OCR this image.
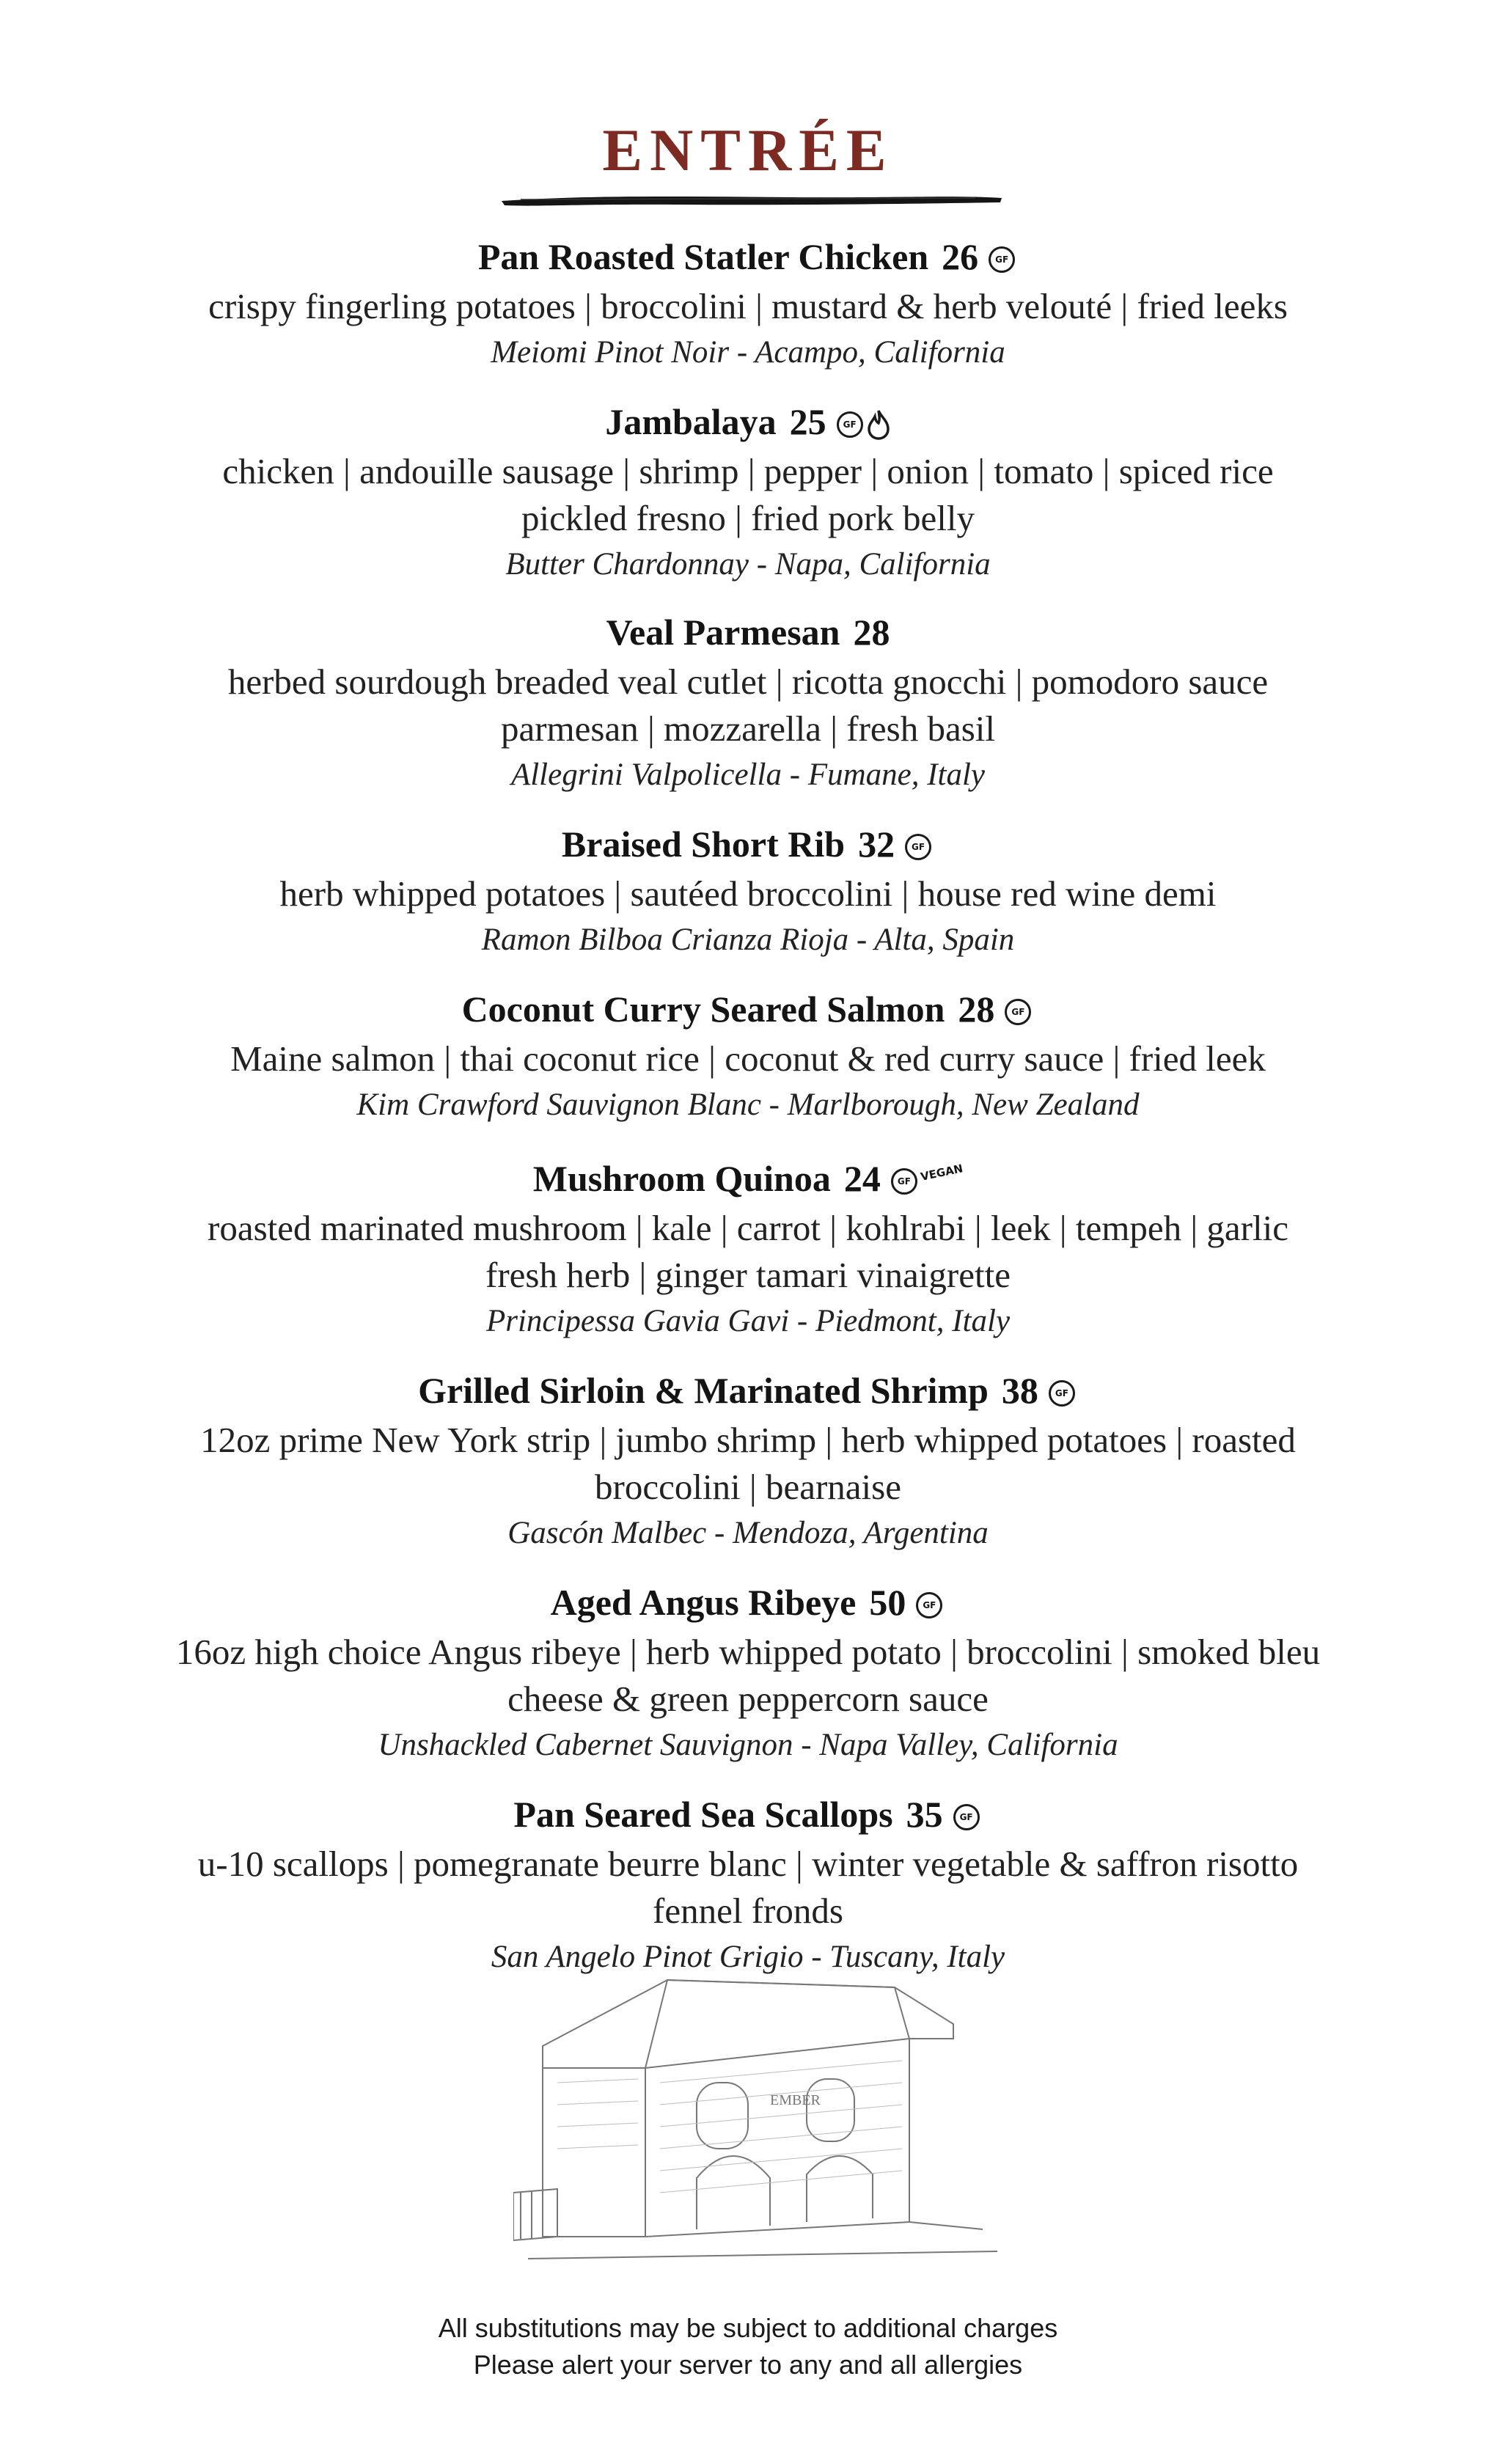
ENTRÉE
Pan Roasted Statler Chicken 26 GF
crispy fingerling potatoes | broccolini | mustard & herb velouté | fried leeks
Meiomi Pinot Noir - Acampo, California
Jambalaya 25 GF
chicken | andouille sausage | shrimp | pepper | onion | tomato | spiced rice
pickled fresno | fried pork belly
Butter Chardonnay - Napa, California
Veal Parmesan 28
herbed sourdough breaded veal cutlet | ricotta gnocchi | pomodoro sauce
parmesan | mozzarella | fresh basil
Allegrini Valpolicella - Fumane, Italy
Braised Short Rib 32 GF
herb whipped potatoes | sautéed broccolini | house red wine demi
Ramon Bilboa Crianza Rioja - Alta, Spain
Coconut Curry Seared Salmon 28 GF
Maine salmon | thai coconut rice | coconut & red curry sauce | fried leek
Kim Crawford Sauvignon Blanc - Marlborough, New Zealand
Mushroom Quinoa 24 GF VEGAN
roasted marinated mushroom | kale | carrot | kohlrabi | leek | tempeh | garlic
fresh herb | ginger tamari vinaigrette
Principessa Gavia Gavi - Piedmont, Italy
Grilled Sirloin & Marinated Shrimp 38 GF
12oz prime New York strip | jumbo shrimp | herb whipped potatoes | roasted
broccolini | bearnaise
Gascón Malbec - Mendoza, Argentina
Aged Angus Ribeye 50 GF
16oz high choice Angus ribeye | herb whipped potato | broccolini | smoked bleu
cheese & green peppercorn sauce
Unshackled Cabernet Sauvignon - Napa Valley, California
Pan Seared Sea Scallops 35 GF
u-10 scallops | pomegranate beurre blanc | winter vegetable & saffron risotto
fennel fronds
San Angelo Pinot Grigio - Tuscany, Italy
EMBER
All substitutions may be subject to additional charges
Please alert your server to any and all allergies
